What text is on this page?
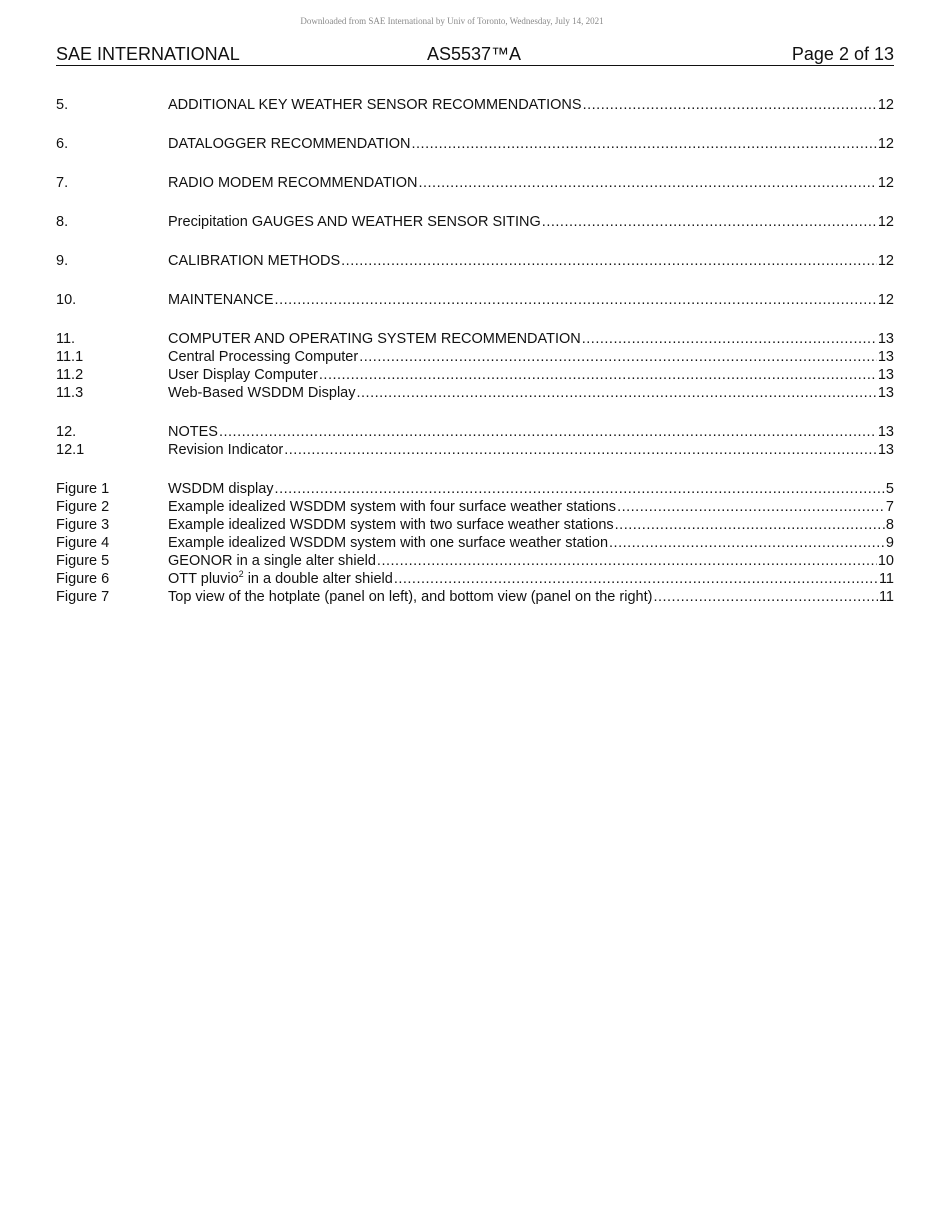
Downloaded from SAE International by Univ of Toronto, Wednesday, July 14, 2021
SAE INTERNATIONAL	AS5537™A	Page 2 of 13
5.	ADDITIONAL KEY WEATHER SENSOR RECOMMENDATIONS .....	12
6.	DATALOGGER RECOMMENDATION .....	12
7.	RADIO MODEM RECOMMENDATION .....	12
8.	Precipitation GAUGES AND WEATHER SENSOR SITING .....	12
9.	CALIBRATION METHODS .....	12
10.	MAINTENANCE .....	12
11.	COMPUTER AND OPERATING SYSTEM RECOMMENDATION .....	13
11.1	Central Processing Computer .....	13
11.2	User Display Computer .....	13
11.3	Web-Based WSDDM Display .....	13
12.	NOTES .....	13
12.1	Revision Indicator .....	13
Figure 1	WSDDM display .....	5
Figure 2	Example idealized WSDDM system with four surface weather stations .....	7
Figure 3	Example idealized WSDDM system with two surface weather stations .....	8
Figure 4	Example idealized WSDDM system with one surface weather station .....	9
Figure 5	GEONOR in a single alter shield .....	10
Figure 6	OTT pluvio$^2$ in a double alter shield .....	11
Figure 7	Top view of the hotplate (panel on left), and bottom view (panel on the right) .....	11
